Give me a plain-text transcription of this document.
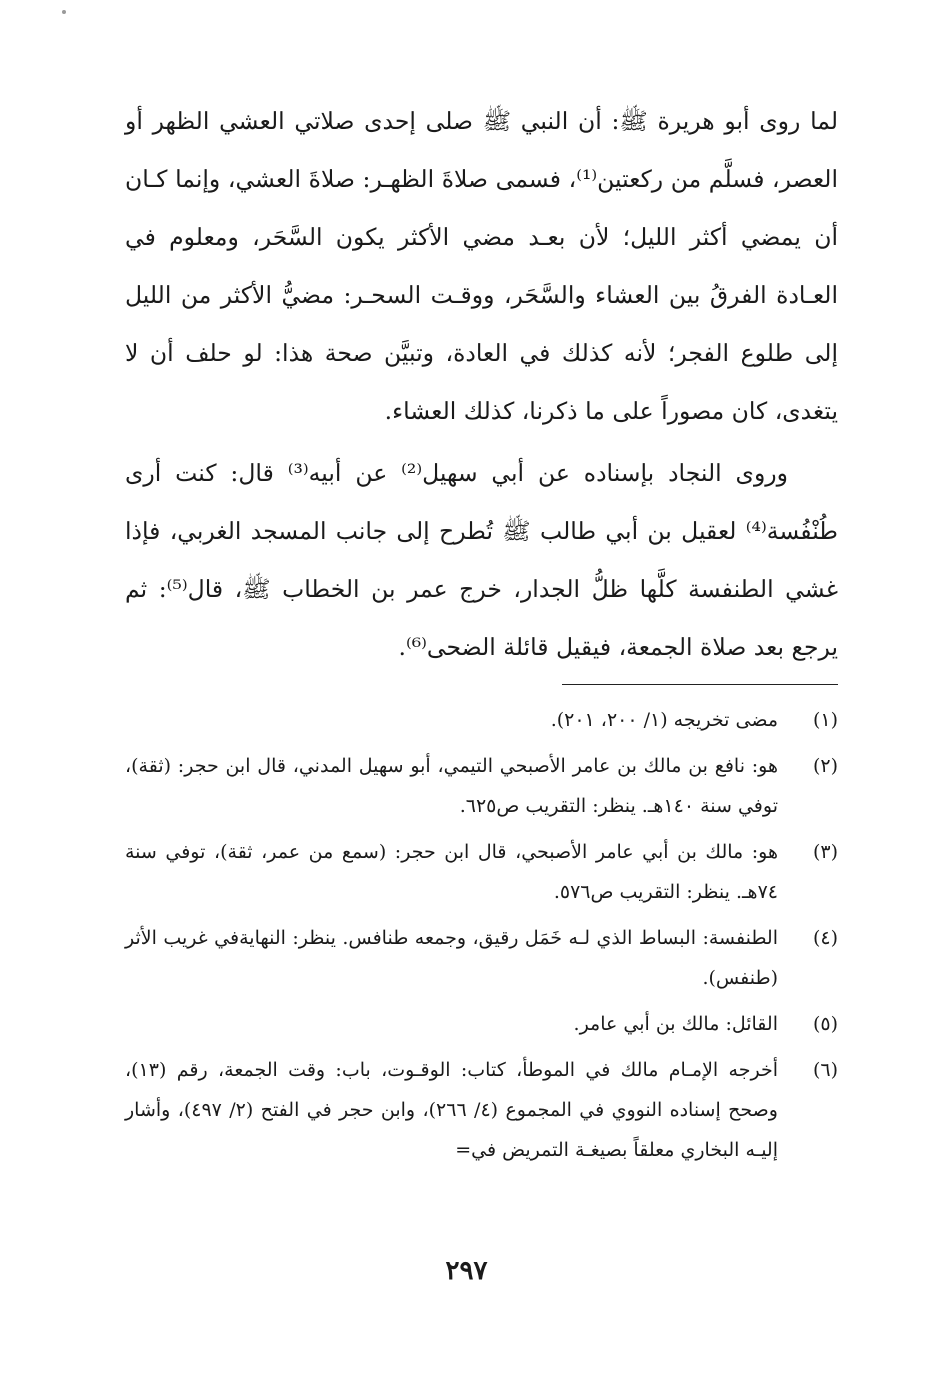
لما روى أبو هريرة ﷺ: أن النبي ﷺ صلى إحدى صلاتي العشي الظهر أو العصر، فسلَّم من ركعتين⁽¹⁾، فسمى صلاةَ الظهـر: صلاةَ العشي، وإنما كـان أن يمضي أكثر الليل؛ لأن بعـد مضي الأكثر يكون السَّحَر، ومعلوم في العـادة الفرقُ بين العشاء والسَّحَر، ووقـت السحـر: مضيُّ الأكثر من الليل إلى طلوع الفجر؛ لأنه كذلك في العادة، وتبيَّن صحة هذا: لو حلف أن لا يتغدى، كان مصوراً على ما ذكرنا، كذلك العشاء.

وروى النجاد بإسناده عن أبي سهيل⁽²⁾ عن أبيه⁽³⁾ قال: كنت أرى طُنْفُسة⁽⁴⁾ لعقيل بن أبي طالب ﷺ تُطرح إلى جانب المسجد الغربي، فإذا غشي الطنفسة كلَّها ظلُّ الجدار، خرج عمر بن الخطاب ﷺ، قال⁽⁵⁾: ثم يرجع بعد صلاة الجمعة، فيقيل قائلة الضحى⁽⁶⁾.

(١)
مضى تخريجه (١/ ٢٠٠، ٢٠١).
(٢)
هو: نافع بن مالك بن عامر الأصبحي التيمي، أبو سهيل المدني، قال ابن حجر: (ثقة)، توفي سنة ١٤٠هـ. ينظر: التقريب ص٦٢٥.
(٣)
هو: مالك بن أبي عامر الأصبحي، قال ابن حجر: (سمع من عمر، ثقة)، توفي سنة ٧٤هـ. ينظر: التقريب ص٥٧٦.
(٤)
الطنفسة: البساط الذي لـه خَمَل رقيق، وجمعه طنافس. ينظر: النهايةفي غريب الأثر (طنفس).
(٥)
القائل: مالك بن أبي عامر.
(٦)
أخرجه الإمـام مالك في الموطأ، كتاب: الوقـوت، باب: وقت الجمعة، رقم (١٣)، وصحح إسناده النووي في المجموع (٤/ ٢٦٦)، وابن حجر في الفتح (٢/ ٤٩٧)، وأشار إليـه البخاري معلقاً بصيغـة التمريض في=
٢٩٧
